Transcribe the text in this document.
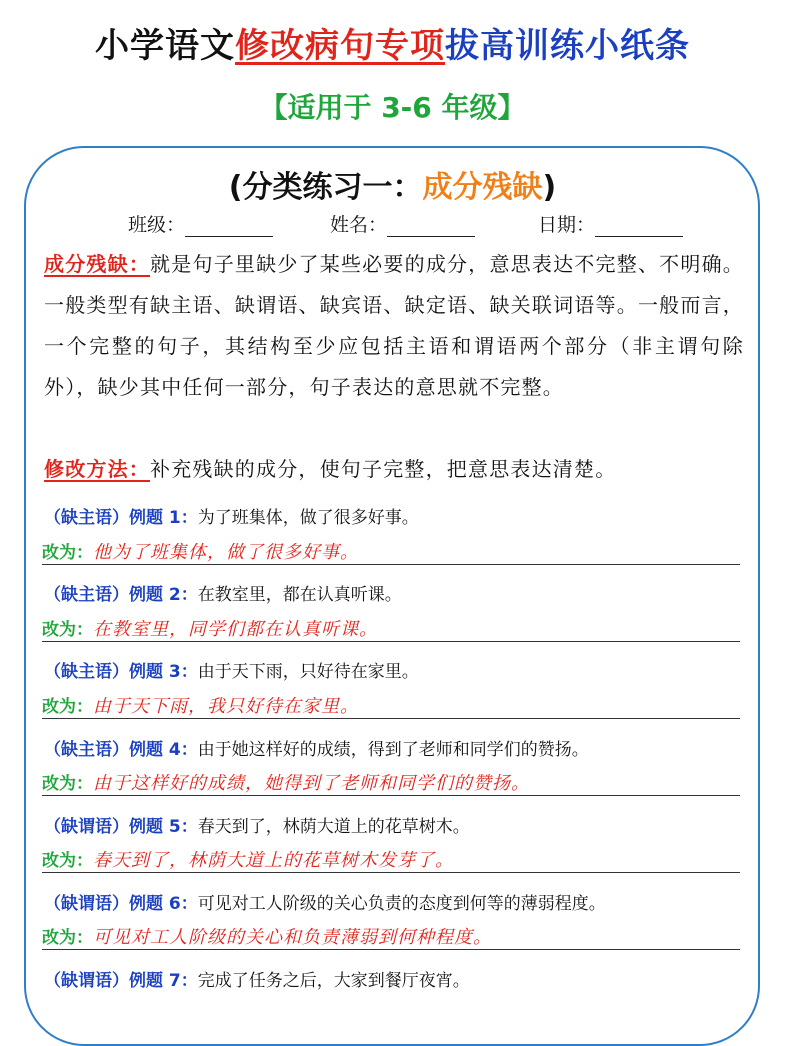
小学语文修改病句专项拔高训练小纸条
【适用于 3-6 年级】
(分类练习一：成分残缺)
班级：	姓名：	日期：
成分残缺：就是句子里缺少了某些必要的成分，意思表达不完整、不明确。一般类型有缺主语、缺谓语、缺宾语、缺定语、缺关联词语等。一般而言，一个完整的句子，其结构至少应包括主语和谓语两个部分（非主谓句除外），缺少其中任何一部分，句子表达的意思就不完整。
修改方法：补充残缺的成分，使句子完整，把意思表达清楚。
（缺主语）例题 1：为了班集体，做了很多好事。
改为：他为了班集体，做了很多好事。
（缺主语）例题 2：在教室里，都在认真听课。
改为：在教室里，同学们都在认真听课。
（缺主语）例题 3：由于天下雨，只好待在家里。
改为：由于天下雨，我只好待在家里。
（缺主语）例题 4：由于她这样好的成绩，得到了老师和同学们的赞扬。
改为：由于这样好的成绩，她得到了老师和同学们的赞扬。
（缺谓语）例题 5：春天到了，林荫大道上的花草树木。
改为：春天到了，林荫大道上的花草树木发芽了。
（缺谓语）例题 6：可见对工人阶级的关心负责的态度到何等的薄弱程度。
改为：可见对工人阶级的关心和负责薄弱到何种程度。
（缺谓语）例题 7：完成了任务之后，大家到餐厅夜宵。
